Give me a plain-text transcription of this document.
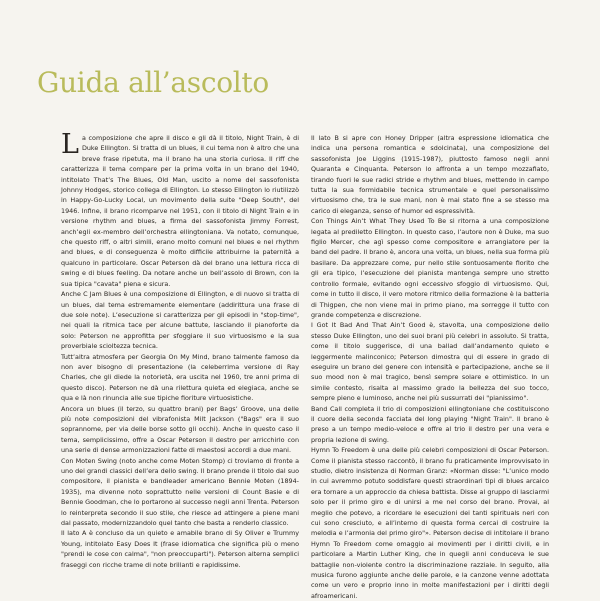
Guida all’ascolto

La composizione che apre il disco e gli dà il titolo, Night Train, è di Duke Ellington. Si tratta di un blues, il cui tema non è altro che una breve frase ripetuta, ma il brano ha una storia curiosa. Il riff che caratterizza il tema compare per la prima volta in un brano del 1940, intitolato That’s The Blues, Old Man, uscito a nome del sassofonista Johnny Hodges, storico collega di Ellington. Lo stesso Ellington lo riutilizzò in Happy-Go-Lucky Local, un movimento della suite "Deep South", del 1946. Infine, il brano ricomparve nel 1951, con il titolo di Night Train e in versione rhythm and blues, a firma del sassofonista Jimmy Forrest, anch’egli ex-membro dell’orchestra ellingtoniana. Va notato, comunque, che questo riff, o altri simili, erano molto comuni nel blues e nel rhythm and blues, e di conseguenza è molto difficile attribuirne la paternità a qualcuno in particolare. Oscar Peterson dà del brano una lettura ricca di swing e di blues feeling. Da notare anche un bell’assolo di Brown, con la sua tipica "cavata" piena e sicura.

Anche C Jam Blues è una composizione di Ellington, e di nuovo si tratta di un blues, dal tema estremamente elementare (addirittura una frase di due sole note). L’esecuzione si caratterizza per gli episodi in "stop-time", nei quali la ritmica tace per alcune battute, lasciando il pianoforte da solo: Peterson ne approfitta per sfoggiare il suo virtuosismo e la sua proverbiale scioltezza tecnica.

Tutt’altra atmosfera per Georgia On My Mind, brano talmente famoso da non aver bisogno di presentazione (la celeberrima versione di Ray Charles, che gli diede la notorietà, era uscita nel 1960, tre anni prima di questo disco). Peterson ne dà una rilettura quieta ed elegiaca, anche se qua e là non rinuncia alle sue tipiche fioriture virtuosistiche.

Ancora un blues (il terzo, su quattro brani) per Bags’ Groove, una delle più note composizioni del vibrafonista Milt Jackson ("Bags" era il suo soprannome, per via delle borse sotto gli occhi). Anche in questo caso il tema, semplicissimo, offre a Oscar Peterson il destro per arricchirlo con una serie di dense armonizzazioni fatte di maestosi accordi a due mani.

Con Moten Swing (noto anche come Moten Stomp) ci troviamo di fronte a uno dei grandi classici dell’era dello swing. Il brano prende il titolo dal suo compositore, il pianista e bandleader americano Bennie Moten (1894-1935), ma divenne noto soprattutto nelle versioni di Count Basie e di Bennie Goodman, che lo portarono al successo negli anni Trenta. Peterson lo reinterpreta secondo il suo stile, che riesce ad attingere a piene mani dal passato, modernizzandolo quel tanto che basta a renderlo classico.

Il lato A è concluso da un quieto e amabile brano di Sy Oliver e Trummy Young, intitolato Easy Does It (frase idiomatica che significa più o meno "prendi le cose con calma", "non preoccuparti"). Peterson alterna semplici fraseggi con ricche trame di note brillanti e rapidissime.

Il lato B si apre con Honey Dripper (altra espressione idiomatica che indica una persona romantica e sdolcinata), una composizione del sassofonista Joe Liggins (1915-1987), piuttosto famoso negli anni Quaranta e Cinquanta. Peterson lo affronta a un tempo mozzafiato, tirando fuori le sue radici stride e rhythm and blues, mettendo in campo tutta la sua formidabile tecnica strumentale e quel personalissimo virtuosismo che, tra le sue mani, non è mai stato fine a se stesso ma carico di eleganza, senso of humor ed espressività.

Con Things Ain’t What They Used To Be si ritorna a una composizione legata al prediletto Ellington. In questo caso, l’autore non è Duke, ma suo figlio Mercer, che agì spesso come compositore e arrangiatore per la band del padre. Il brano è, ancora una volta, un blues, nella sua forma più basilare. Da apprezzare come, pur nello stile sontuosamente fiorito che gli era tipico, l’esecuzione del pianista mantenga sempre uno stretto controllo formale, evitando ogni eccessivo sfoggio di virtuosismo. Qui, come in tutto il disco, il vero motore ritmico della formazione è la batteria di Thigpen, che non viene mai in primo piano, ma sorregge il tutto con grande competenza e discrezione.

I Got It Bad And That Ain’t Good è, stavolta, una composizione dello stesso Duke Ellington, uno dei suoi brani più celebri in assoluto. Si tratta, come il titolo suggerisce, di una ballad dall’andamento quieto e leggermente malinconico; Peterson dimostra qui di essere in grado di eseguire un brano del genere con intensità e partecipazione, anche se il suo mood non è mai tragico, bensì sempre solare e ottimistico. In un simile contesto, risalta al massimo grado la bellezza del suo tocco, sempre pieno e luminoso, anche nei più sussurrati dei "pianissimo".

Band Call completa il trio di composizioni ellingtoniane che costituiscono il cuore della seconda facciata del long playing "Night Train". Il brano è preso a un tempo medio-veloce e offre al trio il destro per una vera e propria lezione di swing.

Hymn To Freedom è una delle più celebri composizioni di Oscar Peterson. Come il pianista stesso raccontò, il brano fu praticamente improvvisato in studio, dietro insistenza di Norman Granz: «Norman disse: "L’unico modo in cui avremmo potuto soddisfare questi straordinari tipi di blues arcaico era tornare a un approccio da chiesa battista. Disse al gruppo di lasciarmi solo per il primo giro e di unirsi a me nel corso del brano. Provai, al meglio che potevo, a ricordare le esecuzioni dei tanti spirituals neri con cui sono cresciuto, e all’interno di questa forma cercai di costruire la melodia e l’armonia del primo giro"». Peterson decise di intitolare il brano Hymn To Freedom come omaggio ai movimenti per i diritti civili, e in particolare a Martin Luther King, che in quegli anni conduceva le sue battaglie non-violente contro la discriminazione razziale. In seguito, alla musica furono aggiunte anche delle parole, e la canzone venne adottata come un vero e proprio inno in molte manifestazioni per i diritti degli afroamericani.
